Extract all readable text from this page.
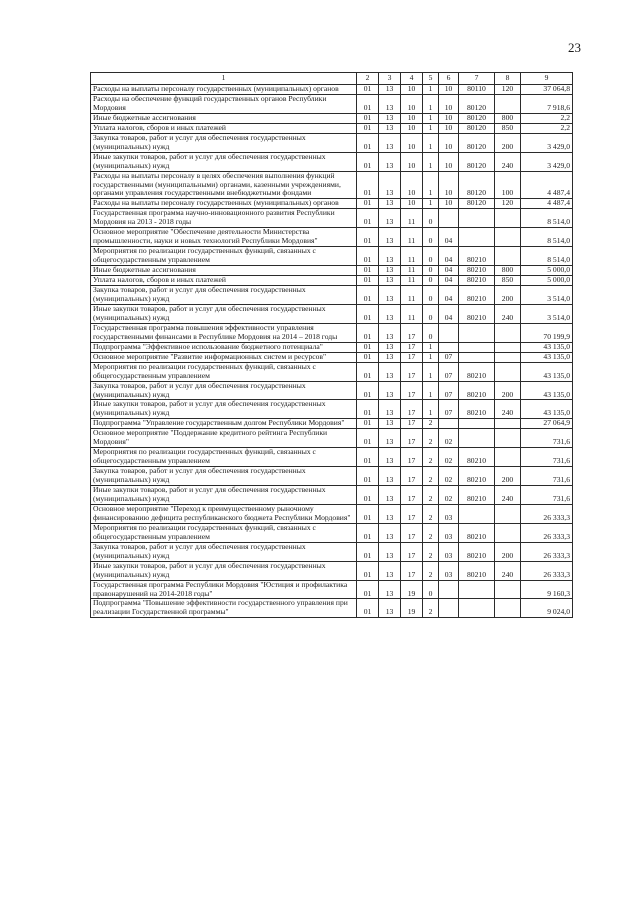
23
1	2	3	4	5	6	7	8	9
Расходы на выплаты персоналу государственных (муниципальных) органов	01	13	10	1	10	80110	120	37 064,8
Расходы на обеспечение функций государственных органов Республики Мордовия	01	13	10	1	10	80120		7 918,6
Иные бюджетные ассигнования	01	13	10	1	10	80120	800	2,2
Уплата налогов, сборов и иных платежей	01	13	10	1	10	80120	850	2,2
Закупка товаров, работ и услуг для обеспечения государственных (муниципальных) нужд	01	13	10	1	10	80120	200	3 429,0
Иные закупки товаров, работ и услуг для обеспечения государственных (муниципальных) нужд	01	13	10	1	10	80120	240	3 429,0
Расходы на выплаты персоналу в целях обеспечения выполнения функций государственными (муниципальными) органами, казенными учреждениями, органами управления государственными внебюджетными фондами	01	13	10	1	10	80120	100	4 487,4
Расходы на выплаты персоналу государственных (муниципальных) органов	01	13	10	1	10	80120	120	4 487,4
Государственная программа научно-инновационного развития Республики Мордовия на 2013 - 2018 годы	01	13	11	0				8 514,0
Основное мероприятие "Обеспечение деятельности Министерства промышленности, науки и новых технологий Республики Мордовия"	01	13	11	0	04			8 514,0
Мероприятия по реализации государственных функций, связанных с общегосударственным управлением	01	13	11	0	04	80210		8 514,0
Иные бюджетные ассигнования	01	13	11	0	04	80210	800	5 000,0
Уплата налогов, сборов и иных платежей	01	13	11	0	04	80210	850	5 000,0
Закупка товаров, работ и услуг для обеспечения государственных (муниципальных) нужд	01	13	11	0	04	80210	200	3 514,0
Иные закупки товаров, работ и услуг для обеспечения государственных (муниципальных) нужд	01	13	11	0	04	80210	240	3 514,0
Государственная программа повышения эффективности управления государственными финансами в Республике Мордовия на 2014 – 2018 годы	01	13	17	0				70 199,9
Подпрограмма "Эффективное использование бюджетного потенциала"	01	13	17	1				43 135,0
Основное мероприятие "Развитие информационных систем и ресурсов"	01	13	17	1	07			43 135,0
Мероприятия по реализации государственных функций, связанных с общегосударственным управлением	01	13	17	1	07	80210		43 135,0
Закупка товаров, работ и услуг для обеспечения государственных (муниципальных) нужд	01	13	17	1	07	80210	200	43 135,0
Иные закупки товаров, работ и услуг для обеспечения государственных (муниципальных) нужд	01	13	17	1	07	80210	240	43 135,0
Подпрограмма "Управление государственным долгом Республики Мордовия"	01	13	17	2				27 064,9
Основное мероприятие "Поддержание кредитного рейтинга Республики Мордовия"	01	13	17	2	02			731,6
Мероприятия по реализации государственных функций, связанных с общегосударственным управлением	01	13	17	2	02	80210		731,6
Закупка товаров, работ и услуг для обеспечения государственных (муниципальных) нужд	01	13	17	2	02	80210	200	731,6
Иные закупки товаров, работ и услуг для обеспечения государственных (муниципальных) нужд	01	13	17	2	02	80210	240	731,6
Основное мероприятие "Переход к преимущественному рыночному финансированию дефицита республиканского бюджета Республики Мордовия"	01	13	17	2	03			26 333,3
Мероприятия по реализации государственных функций, связанных с общегосударственным управлением	01	13	17	2	03	80210		26 333,3
Закупка товаров, работ и услуг для обеспечения государственных (муниципальных) нужд	01	13	17	2	03	80210	200	26 333,3
Иные закупки товаров, работ и услуг для обеспечения государственных (муниципальных) нужд	01	13	17	2	03	80210	240	26 333,3
Государственная программа Республики Мордовия "Юстиция и профилактика правонарушений на 2014-2018 годы"	01	13	19	0				9 160,3
Подпрограмма "Повышение эффективности государственного управления при реализации Государственной программы"	01	13	19	2				9 024,0
